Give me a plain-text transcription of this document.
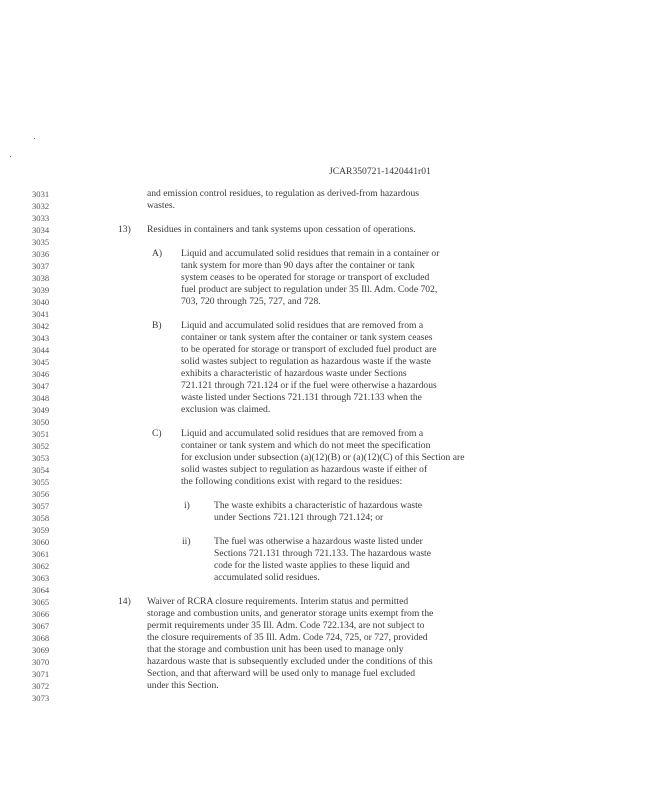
JCAR350721-1420441r01
3031
3032
3033
3034
3035
3036
3037
3038
3039
3040
3041
3042
3043
3044
3045
3046
3047
3048
3049
3050
3051
3052
3053
3054
3055
3056
3057
3058
3059
3060
3061
3062
3063
3064
3065
3066
3067
3068
3069
3070
3071
3072
3073
and emission control residues, to regulation as derived-from hazardous
wastes.
13) Residues in containers and tank systems upon cessation of operations.
A) Liquid and accumulated solid residues that remain in a container or
tank system for more than 90 days after the container or tank
system ceases to be operated for storage or transport of excluded
fuel product are subject to regulation under 35 Ill. Adm. Code 702,
703, 720 through 725, 727, and 728.
B) Liquid and accumulated solid residues that are removed from a
container or tank system after the container or tank system ceases
to be operated for storage or transport of excluded fuel product are
solid wastes subject to regulation as hazardous waste if the waste
exhibits a characteristic of hazardous waste under Sections
721.121 through 721.124 or if the fuel were otherwise a hazardous
waste listed under Sections 721.131 through 721.133 when the
exclusion was claimed.
C) Liquid and accumulated solid residues that are removed from a
container or tank system and which do not meet the specification
for exclusion under subsection (a)(12)(B) or (a)(12)(C) of this Section are
solid wastes subject to regulation as hazardous waste if either of
the following conditions exist with regard to the residues:
i)	The waste exhibits a characteristic of hazardous waste
under Sections 721.121 through 721.124; or
ii) The fuel was otherwise a hazardous waste listed under
Sections 721.131 through 721.133. The hazardous waste
code for the listed waste applies to these liquid and
accumulated solid residues.
14) Waiver of RCRA closure requirements. Interim status and permitted
storage and combustion units, and generator storage units exempt from the
permit requirements under 35 Ill. Adm. Code 722.134, are not subject to
the closure requirements of 35 Ill. Adm. Code 724, 725, or 727, provided
that the storage and combustion unit has been used to manage only
hazardous waste that is subsequently excluded under the conditions of this
Section, and that afterward will be used only to manage fuel excluded
under this Section.
